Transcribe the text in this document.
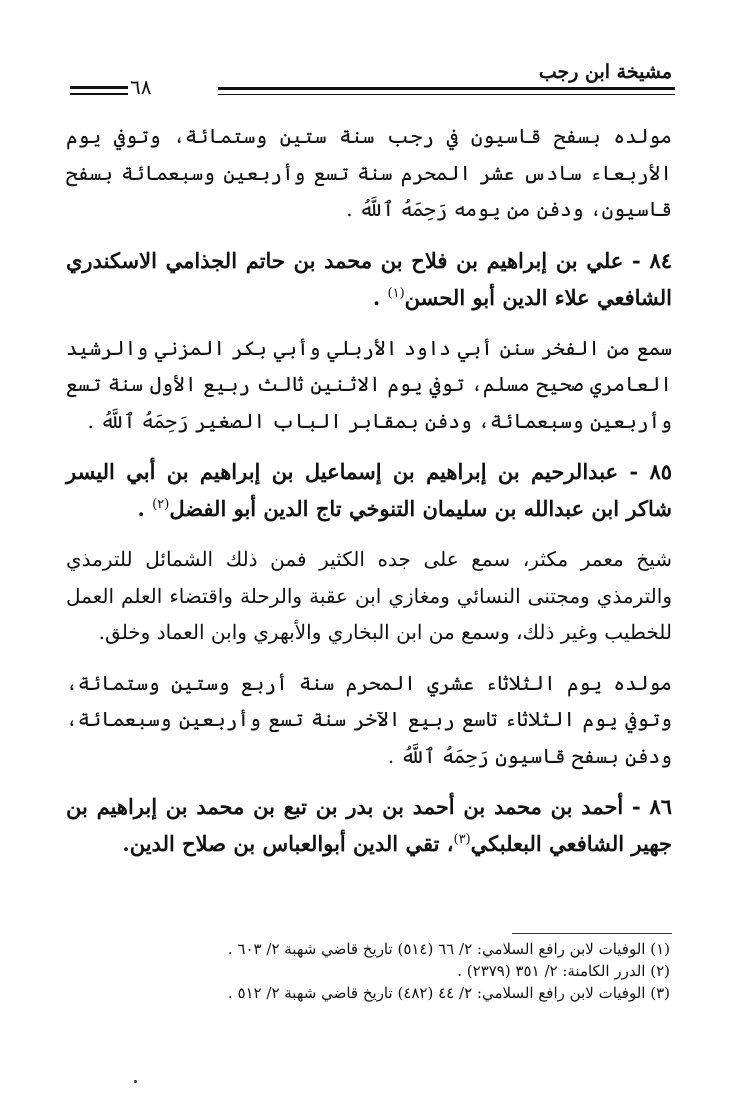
مشيخة ابن رجب
٦٨

مولده بسفح قاسيون في رجب سنة ستين وستمائة، وتوفي يوم الأربعاء سادس عشر المحرم سنة تسع وأربعين وسبعمائة بسفح قاسيون، ودفن من يومه رَحِمَهُ ٱللَّهُ .

٨٤ - علي بن إبراهيم بن فلاح بن محمد بن حاتم الجذامي الاسكندري الشافعي علاء الدين أبو الحسن$^{(١)}$ .

سمع من الفخر سنن أبي داود الأربلي وأبي بكر المزني والرشيد العامري صحيح مسلم، توفي يوم الاثنين ثالث ربيع الأول سنة تسع وأربعين وسبعمائة، ودفن بمقابر الباب الصغير رَحِمَهُ ٱللَّهُ .

٨٥ - عبدالرحيم بن إبراهيم بن إسماعيل بن إبراهيم بن أبي اليسر شاكر ابن عبدالله بن سليمان التنوخي تاج الدين أبو الفضل$^{(٢)}$ .

شيخ معمر مكثر، سمع على جده الكثير فمن ذلك الشمائل للترمذي والترمذي ومجتنى النسائي ومغازي ابن عقبة والرحلة واقتضاء العلم العمل للخطيب وغير ذلك، وسمع من ابن البخاري والأبهري وابن العماد وخلق.

مولده يوم الثلاثاء عشري المحرم سنة أربع وستين وستمائة، وتوفي يوم الثلاثاء تاسع ربيع الآخر سنة تسع وأربعين وسبعمائة، ودفن بسفح قاسيون رَحِمَهُ ٱللَّهُ .

٨٦ - أحمد بن محمد بن أحمد بن بدر بن تبع بن محمد بن إبراهيم بن جهير الشافعي البعلبكي$^{(٣)}$، تقي الدين أبوالعباس بن صلاح الدين.

(١) الوفيات لابن رافع السلامي: ٢/ ٦٦ (٥١٤) تاريخ قاضي شهبة ٢/ ٦٠٣ .

(٢) الدرر الكامنة: ٢/ ٣٥١ (٢٣٧٩) .

(٣) الوفيات لابن رافع السلامي: ٢/ ٤٤ (٤٨٢) تاريخ قاضي شهبة ٢/ ٥١٢ .
